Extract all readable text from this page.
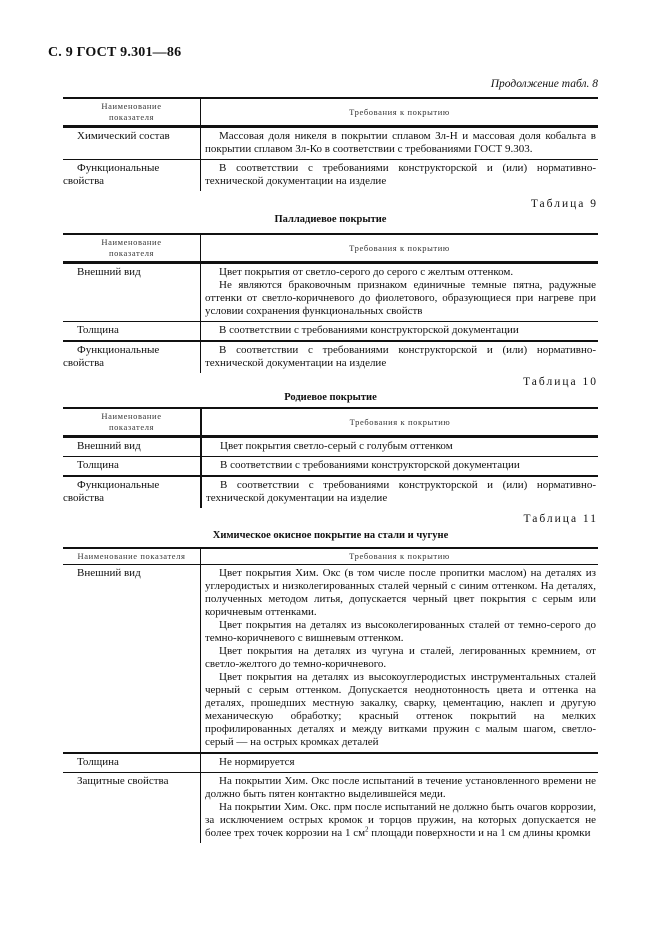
С. 9 ГОСТ 9.301—86
Продолжение табл. 8
Наименование
показателя	Требования к покрытию

Химический состав	Массовая доля никеля в покрытии сплавом Зл-Н и массовая доля кобальта в покрытии сплавом Зл-Ко в соответствии с требованиями ГОСТ 9.303.

Функциональные
свойства	В соответствии с требованиями конструкторской и (или) нормативно-технической документации на изделие
Таблица 9
Палладиевое покрытие
Наименование
показателя	Требования к покрытию

Внешний вид	Цвет покрытия от светло-серого до серого с желтым оттенком.
Не являются браковочным признаком единичные темные пятна, радужные оттенки от светло-коричневого до фиолетового, образующиеся при нагреве при условии сохранения функциональных свойств

Толщина	В соответствии с требованиями конструкторской документации

Функциональные
свойства	В соответствии с требованиями конструкторской и (или) нормативно-технической документации на изделие
Таблица 10
Родиевое покрытие
Наименование
показателя	Требования к покрытию

Внешний вид	Цвет покрытия светло-серый с голубым оттенком

Толщина	В соответствии с требованиями конструкторской документации

Функциональные
свойства	В соответствии с требованиями конструкторской и (или) нормативно-технической документации на изделие
Таблица 11
Химическое окисное покрытие на стали и чугуне
Наименование показателя	Требования к покрытию

Внешний вид	Цвет покрытия Хим. Окс (в том числе после пропитки маслом) на деталях из углеродистых и низколегированных сталей черный с синим оттенком. На деталях, полученных методом литья, допускается черный цвет покрытия с серым или коричневым оттенками.
Цвет покрытия на деталях из высоколегированных сталей от темно-серого до темно-коричневого с вишневым оттенком.
Цвет покрытия на деталях из чугуна и сталей, легированных кремнием, от светло-желтого до темно-коричневого.
Цвет покрытия на деталях из высокоуглеродистых инструментальных сталей черный с серым оттенком. Допускается неоднотонность цвета и оттенка на деталях, прошедших местную закалку, сварку, цементацию, наклеп и другую механическую обработку; красный оттенок покрытий на мелких профилированных деталях и между витками пружин с малым шагом, светло-серый — на острых кромках деталей

Толщина	Не нормируется

Защитные свойства	На покрытии Хим. Окс после испытаний в течение установленного времени не должно быть пятен контактно выделившейся меди.
На покрытии Хим. Окс. прм после испытаний не должно быть очагов коррозии, за исключением острых кромок и торцов пружин, на которых допускается не более трех точек коррозии на 1 $см^2$ площади поверхности и на 1 см длины кромки
